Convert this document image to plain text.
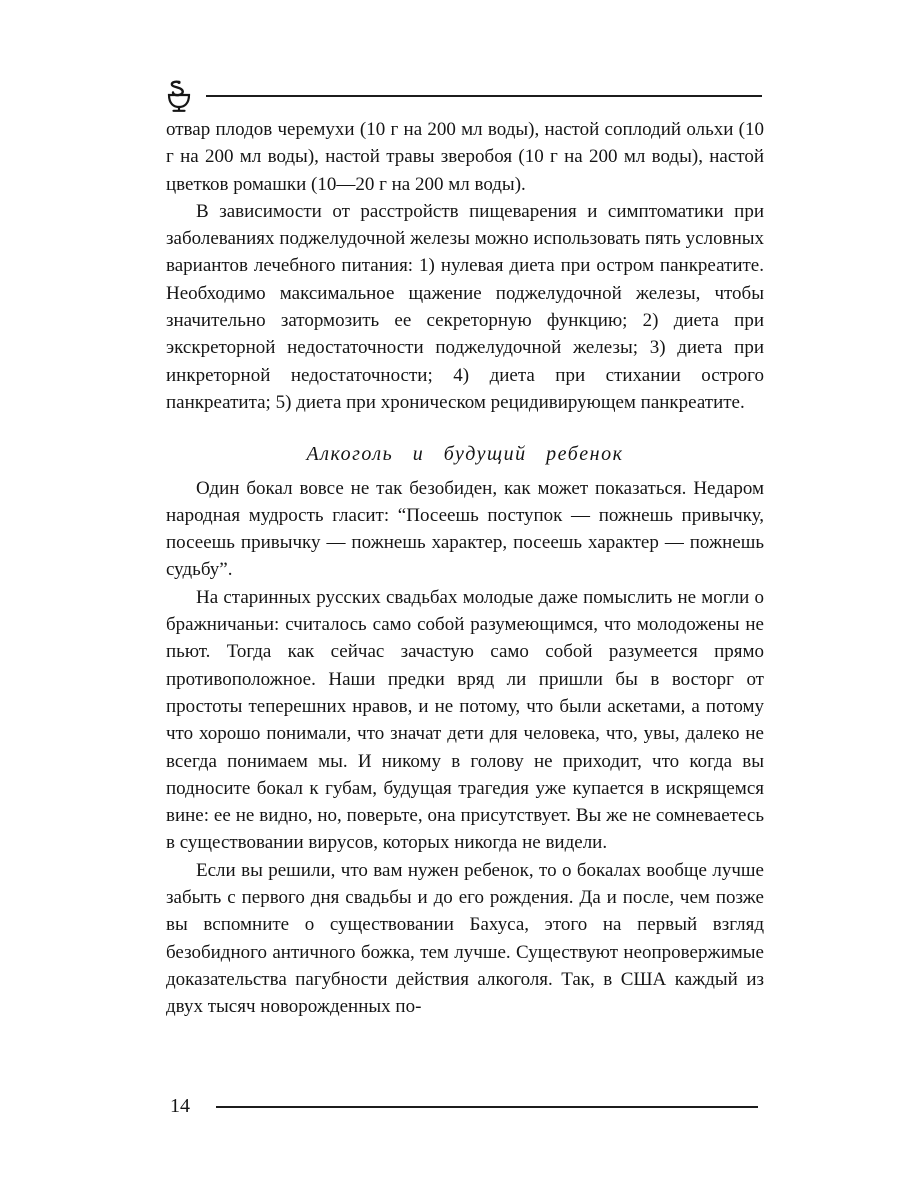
отвар плодов черемухи (10 г на 200 мл воды), настой соплодий ольхи (10 г на 200 мл воды), настой травы зверобоя (10 г на 200 мл воды), настой цветков ромашки (10—20 г на 200 мл воды).

В зависимости от расстройств пищеварения и симптоматики при заболеваниях поджелудочной железы можно использовать пять условных вариантов лечебного питания: 1) нулевая диета при остром панкреатите. Необходимо максимальное щажение поджелудочной железы, чтобы значительно затормозить ее секреторную функцию; 2) диета при экскреторной недостаточности поджелудочной железы; 3) диета при инкреторной недостаточности; 4) диета при стихании острого панкреатита; 5) диета при хроническом рецидивирующем панкреатите.

Алкоголь и будущий ребенок

Один бокал вовсе не так безобиден, как может показаться. Недаром народная мудрость гласит: “Посеешь поступок — пожнешь привычку, посеешь привычку — пожнешь характер, посеешь характер — пожнешь судьбу”.

На старинных русских свадьбах молодые даже помыслить не могли о бражничаньи: считалось само собой разумеющимся, что молодожены не пьют. Тогда как сейчас зачастую само собой разумеется прямо противоположное. Наши предки вряд ли пришли бы в восторг от простоты теперешних нравов, и не потому, что были аскетами, а потому что хорошо понимали, что значат дети для человека, что, увы, далеко не всегда понимаем мы. И никому в голову не приходит, что когда вы подносите бокал к губам, будущая трагедия уже купается в искрящемся вине: ее не видно, но, поверьте, она присутствует. Вы же не сомневаетесь в существовании вирусов, которых никогда не видели.

Если вы решили, что вам нужен ребенок, то о бокалах вообще лучше забыть с первого дня свадьбы и до его рождения. Да и после, чем позже вы вспомните о существовании Бахуса, этого на первый взгляд безобидного античного божка, тем лучше. Существуют неопровержимые доказательства пагубности действия алкоголя. Так, в США каждый из двух тысяч новорожденных по-

14
